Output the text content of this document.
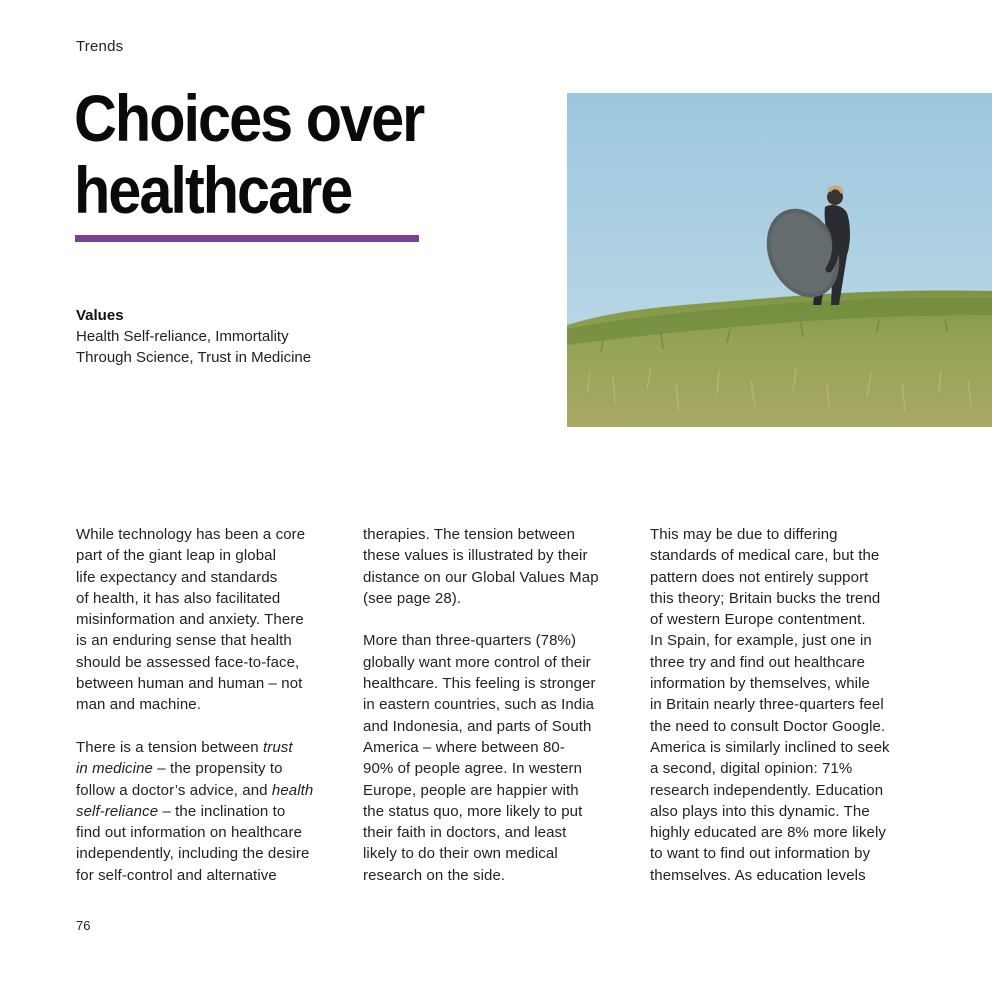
Trends
Choices over
healthcare
Values
Health Self-reliance, Immortality
Through Science, Trust in Medicine

While technology has been a core
part of the giant leap in global
life expectancy and standards
of health, it has also facilitated
misinformation and anxiety. There
is an enduring sense that health
should be assessed face-to-face,
between human and human – not
man and machine.

There is a tension between trust
in medicine – the propensity to
follow a doctor’s advice, and health
self-reliance – the inclination to
find out information on healthcare
independently, including the desire
for self-control and alternative

therapies. The tension between
these values is illustrated by their
distance on our Global Values Map
(see page 28).

More than three-quarters (78%)
globally want more control of their
healthcare. This feeling is stronger
in eastern countries, such as India
and Indonesia, and parts of South
America – where between 80-
90% of people agree. In western
Europe, people are happier with
the status quo, more likely to put
their faith in doctors, and least
likely to do their own medical
research on the side.

This may be due to differing
standards of medical care, but the
pattern does not entirely support
this theory; Britain bucks the trend
of western Europe contentment.
In Spain, for example, just one in
three try and find out healthcare
information by themselves, while
in Britain nearly three-quarters feel
the need to consult Doctor Google.
America is similarly inclined to seek
a second, digital opinion: 71%
research independently. Education
also plays into this dynamic. The
highly educated are 8% more likely
to want to find out information by
themselves. As education levels

76
